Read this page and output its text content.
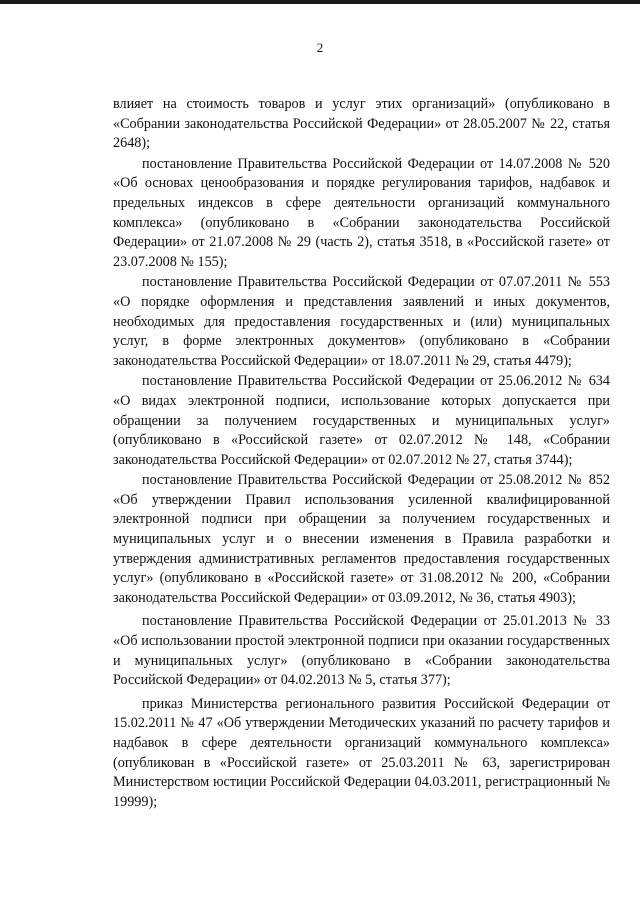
2

влияет на стоимость товаров и услуг этих организаций» (опубликовано в «Собрании законодательства Российской Федерации» от 28.05.2007 № 22, статья 2648);

постановление Правительства Российской Федерации от 14.07.2008 № 520 «Об основах ценообразования и порядке регулирования тарифов, надбавок и предельных индексов в сфере деятельности организаций коммунального комплекса» (опубликовано в «Собрании законодательства Российской Федерации» от 21.07.2008 № 29 (часть 2), статья 3518, в «Российской газете» от 23.07.2008 № 155);

постановление Правительства Российской Федерации от 07.07.2011 № 553 «О порядке оформления и представления заявлений и иных документов, необходимых для предоставления государственных и (или) муниципальных услуг, в форме электронных документов» (опубликовано в «Собрании законодательства Российской Федерации» от 18.07.2011 № 29, статья 4479);

постановление Правительства Российской Федерации от 25.06.2012 № 634 «О видах электронной подписи, использование которых допускается при обращении за получением государственных и муниципальных услуг» (опубликовано в «Российской газете» от 02.07.2012 № 148, «Собрании законодательства Российской Федерации» от 02.07.2012 № 27, статья 3744);

постановление Правительства Российской Федерации от 25.08.2012 № 852 «Об утверждении Правил использования усиленной квалифицированной электронной подписи при обращении за получением государственных и муниципальных услуг и о внесении изменения в Правила разработки и утверждения административных регламентов предоставления государственных услуг» (опубликовано в «Российской газете» от 31.08.2012 № 200, «Собрании законодательства Российской Федерации» от 03.09.2012, № 36, статья 4903);

постановление Правительства Российской Федерации от 25.01.2013 № 33 «Об использовании простой электронной подписи при оказании государственных и муниципальных услуг» (опубликовано в «Собрании законодательства Российской Федерации» от 04.02.2013 № 5, статья 377);

приказ Министерства регионального развития Российской Федерации от 15.02.2011 № 47 «Об утверждении Методических указаний по расчету тарифов и надбавок в сфере деятельности организаций коммунального комплекса» (опубликован в «Российской газете» от 25.03.2011 № 63, зарегистрирован Министерством юстиции Российской Федерации 04.03.2011, регистрационный № 19999);
